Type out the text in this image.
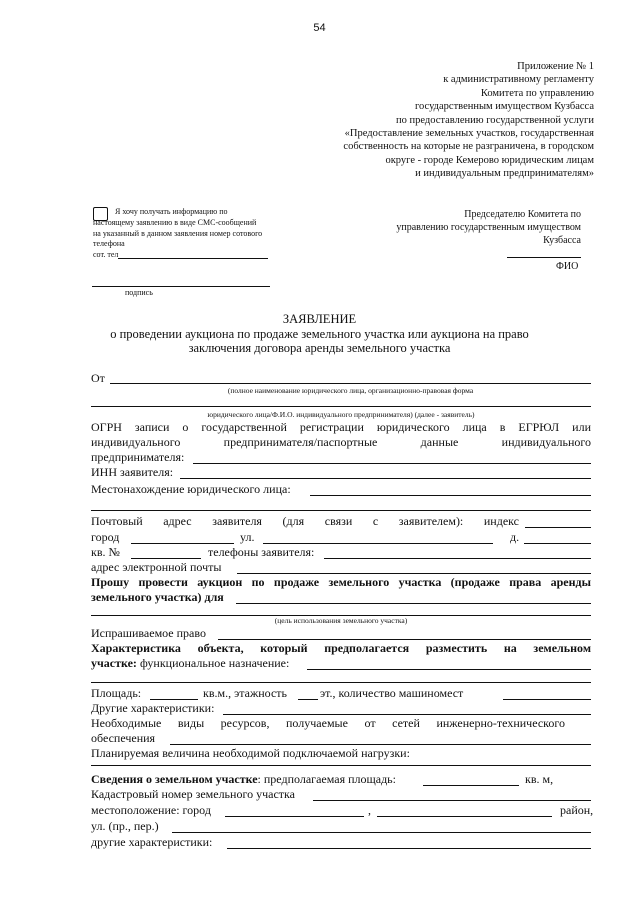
54
Приложение № 1
к административному регламенту
Комитета по управлению
государственным имуществом Кузбасса
по предоставлению государственной услуги
«Предоставление земельных участков, государственная
собственность на которые не разграничена, в городском
округе - городе Кемерово юридическим лицам
и индивидуальным предпринимателям»
Я хочу получать информацию по
настоящему заявлению в виде СМС-сообщений
на указанный в данном заявления номер сотового
телефона
сот. тел
подпись
Председателю Комитета по
управлению государственным имуществом
Кузбасса
ФИО
ЗАЯВЛЕНИЕ
о проведении аукциона по продаже земельного участка или аукциона на право
заключения договора аренды земельного участка
От
(полное наименование юридического лица, организационно-правовая форма
юридического лица/Ф.И.О. индивидуального предпринимателя) (далее - заявитель)
ОГРН записи о государственной регистрации юридического лица в ЕГРЮЛ или
индивидуального предпринимателя/паспортные данные индивидуального
предпринимателя:
ИНН заявителя:
Местонахождение юридического лица:
Почтовый адрес заявителя (для связи с заявителем): индекс
город	ул.	д.
кв. №	телефоны заявителя:
адрес электронной почты
Прошу провести аукцион по продаже земельного участка (продаже права аренды
земельного участка) для
(цель использования земельного участка)
Испрашиваемое право
Характеристика объекта, который предполагается разместить на земельном
участке: функциональное назначение:
Площадь:	кв.м., этажность	эт., количество машиномест
Другие характеристики:
Необходимые виды ресурсов, получаемые от сетей инженерно-технического
обеспечения
Планируемая величина необходимой подключаемой нагрузки:
Сведения о земельном участке: предполагаемая площадь:	кв. м,
Кадастровый номер земельного участка
местоположение: город	,	район,
ул. (пр., пер.)
другие характеристики:
